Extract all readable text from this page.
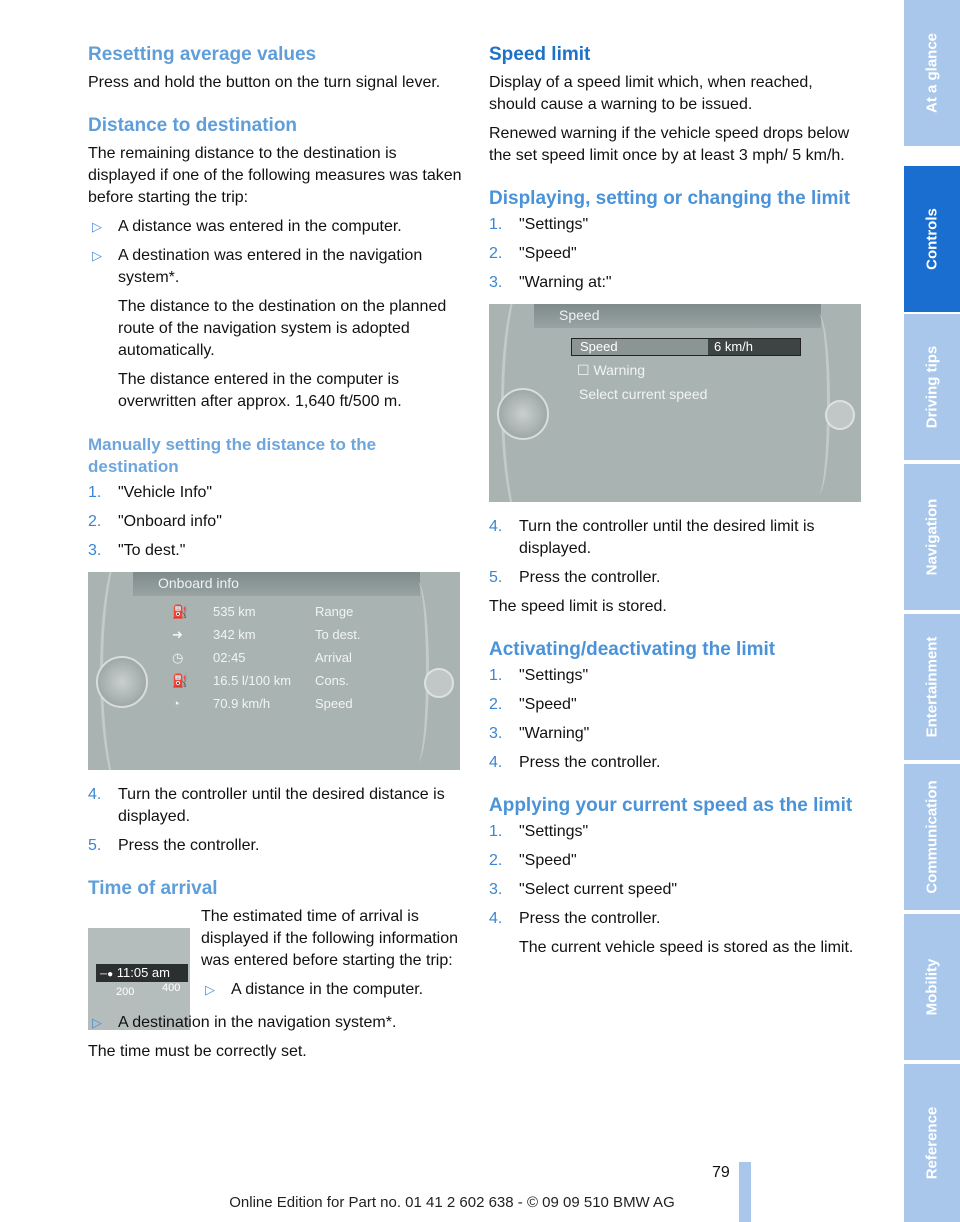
Resetting average values

Press and hold the button on the turn signal lever.

Distance to destination

The remaining distance to the destination is displayed if one of the following measures was taken before starting the trip:

▷ A distance was entered in the computer.
▷ A destination was entered in the navigation system*.
The distance to the destination on the planned route of the navigation system is adopted automatically.
The distance entered in the computer is overwritten after approx. 1,640 ft/500 m.
Manually setting the distance to the destination
1. "Vehicle Info"
2. "Onboard info"
3. "To dest."
Onboard info
⛽ 535 km	Range
➜ 342 km	To dest.
◷ 02:45	Arrival
⛽ 16.5 l/100 km Cons.
◔	70.9 km/h	Speed
4. Turn the controller until the desired distance is displayed.
5. Press the controller.
Time of arrival
─● 11:05 am
200	400

The estimated time of arrival is displayed if the following information was entered before starting the trip:

▷ A distance in the computer.
▷ A destination in the navigation system*.

The time must be correctly set.

Speed limit

Display of a speed limit which, when reached, should cause a warning to be issued.

Renewed warning if the vehicle speed drops below the set speed limit once by at least 3 mph/ 5 km/h.

Displaying, setting or changing the limit
1. "Settings"
2. "Speed"
3. "Warning at:"
Speed
Speed	6 km/h
☐ Warning
Select current speed
4. Turn the controller until the desired limit is displayed.
5. Press the controller.

The speed limit is stored.

Activating/deactivating the limit
1. "Settings"
2. "Speed"
3. "Warning"
4. Press the controller.
Applying your current speed as the limit
1. "Settings"
2. "Speed"
3. "Select current speed"
4. Press the controller.
The current vehicle speed is stored as the limit.
At a glance
Controls
Driving tips
Navigation
Entertainment
Communication
Mobility
Reference
79
Online Edition for Part no. 01 41 2 602 638 - © 09 09 510 BMW AG
